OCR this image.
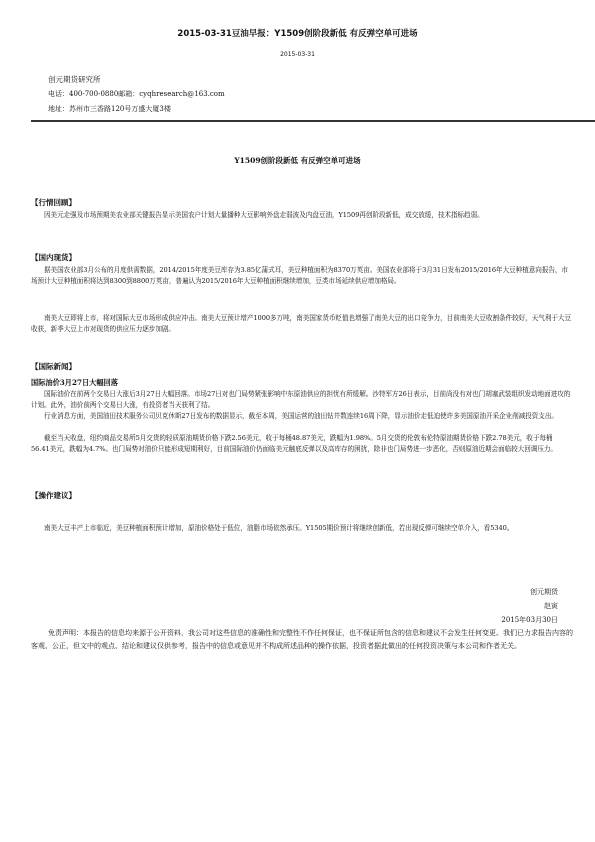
2015-03-31豆油早报：Y1509创阶段新低 有反弹空单可进场
2015-03-31
创元期货研究所
电话：400-700-0880邮箱：cyqhresearch@163.com
地址：苏州市三香路120号万盛大厦3楼
Y1509创阶段新低 有反弹空单可进场
【行情回顾】
因美元走强及市场预期美农业部关键报告显示美国农户计划大量播种大豆影响外盘走弱波及内盘豆油，Y1509再创阶段新低，成交放缓，技术指标趋弱。
【国内现货】
据美国农业部3月公布的月度供需数据，2014/2015年度美豆库存为3.85亿蒲式耳，美豆种植面积为8370万英亩。美国农业部将于3月31日发布2015/2016年大豆种植意向报告，市场预计大豆种植面积将达到8300到8800万英亩，普遍认为2015/2016年大豆种植面积继续增加，豆类市场延续供应增加格局。
南美大豆即将上市，将对国际大豆市场形成供应冲击。南美大豆预计增产1000多万吨，南美国家货币贬值也增强了南美大豆的出口竞争力，目前南美大豆收割条件较好，天气利于大豆收获，新季大豆上市对现货的供应压力逐步加剧。
【国际新闻】
国际油价3月27日大幅回落
国际油价在前两个交易日大涨后3月27日大幅回落。市场27日对也门局势紧张影响中东原油供应的担忧有所缓解。沙特军方26日表示，目前尚没有对也门胡塞武装组织发动地面进攻的计划。此外，油价前两个交易日大涨，有投资者当天获利了结。
行业消息方面，美国油田技术服务公司贝克休斯27日发布的数据显示，截至本周，美国运营的油田钻井数连续16周下降，显示油价走低迫使许多美国原油开采企业削减投资支出。
截至当天收盘，纽约商品交易所5月交货的轻质原油期货价格下跌2.56美元，收于每桶48.87美元，跌幅为1.98%。5月交货的伦敦布伦特原油期货价格下跌2.78美元，收于每桶56.41美元，跌幅为4.7%。也门局势对油价只能形成短期利好，目前国际油价仍面临美元触底反弹以及高库存的困扰，除非也门局势进一步恶化，否则原油近期会面临较大回调压力。
【操作建议】
南美大豆丰产上市临近，美豆种植面积预计增加，原油价格处于低位，油脂市场依然承压。Y1505期价预计将继续创新低，若出现反弹可继续空单介入，看5340。
创元期货
赵寅
2015年03月30日
免责声明：本报告的信息均来源于公开资料，我公司对这些信息的准确性和完整性不作任何保证，也不保证所包含的信息和建议不会发生任何变更。我们已力求报告内容的客观、公正，但文中的观点、结论和建议仅供参考，报告中的信息或意见并不构成所述品种的操作依据，投资者据此做出的任何投资决策与本公司和作者无关。
